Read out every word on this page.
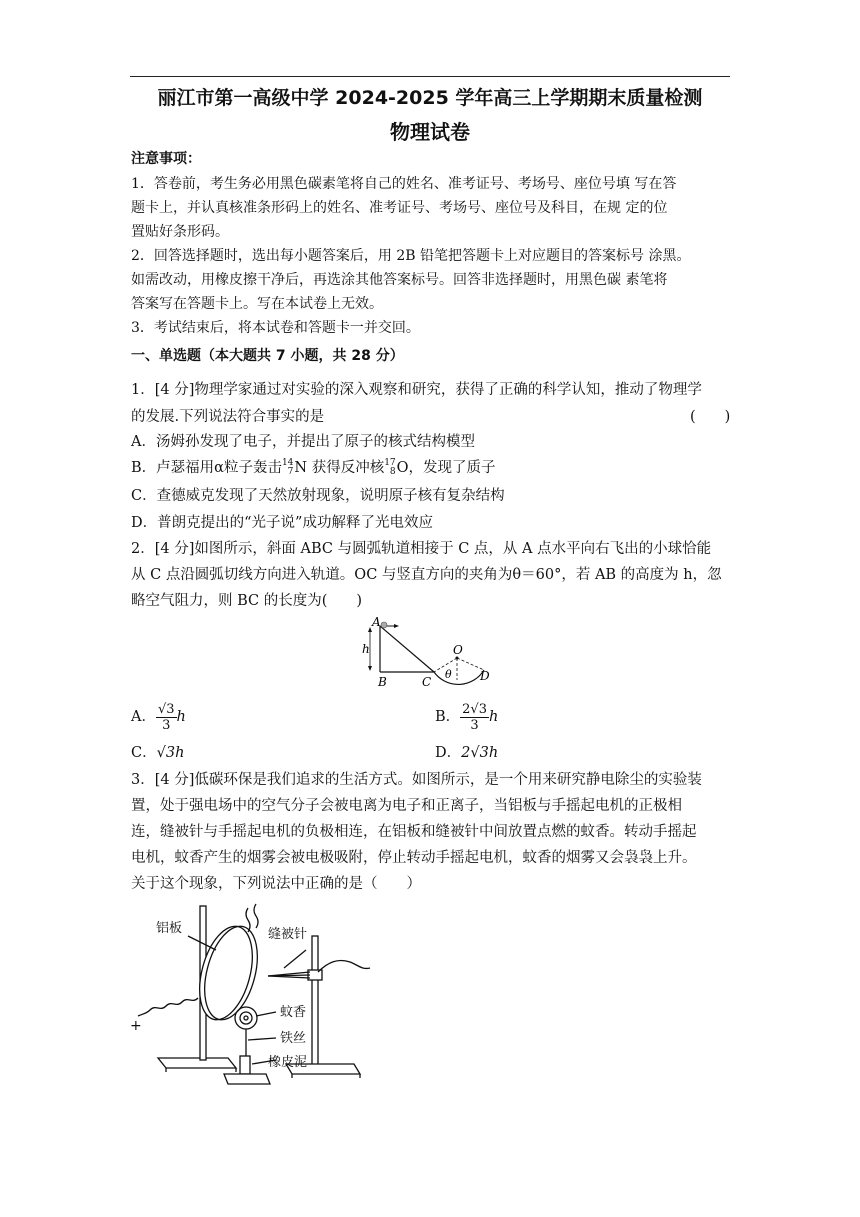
丽江市第一高级中学 2024-2025 学年高三上学期期末质量检测
物理试卷
注意事项：
1．答卷前，考生务必用黑色碳素笔将自己的姓名、准考证号、考场号、座位号填 写在答
题卡上，并认真核准条形码上的姓名、准考证号、考场号、座位号及科目，在规 定的位
置贴好条形码。
2．回答选择题时，选出每小题答案后，用 2B 铅笔把答题卡上对应题目的答案标号 涂黑。
如需改动，用橡皮擦干净后，再选涂其他答案标号。回答非选择题时，用黑色碳 素笔将
答案写在答题卡上。写在本试卷上无效。
3．考试结束后，将本试卷和答题卡一并交回。
一、单选题（本大题共 7 小题，共 28 分）
1．[4 分]物理学家通过对实验的深入观察和研究，获得了正确的科学认知，推动了物理学
的发展.下列说法符合事实的是	(　　)
A．汤姆孙发现了电子，并提出了原子的核式结构模型
B．卢瑟福用α粒子轰击 14
7 N 获得反冲核 17
8 O，发现了质子
C．查德威克发现了天然放射现象，说明原子核有复杂结构
D．普朗克提出的“光子说”成功解释了光电效应
2．[4 分]如图所示，斜面 ABC 与圆弧轨道相接于 C 点，从 A 点水平向右飞出的小球恰能
从 C 点沿圆弧切线方向进入轨道。OC 与竖直方向的夹角为θ＝60°，若 AB 的高度为 h，忽
略空气阻力，则 BC 的长度为(　　)
A
h
B	C
O
D
θ
A． $\frac{√3}{3}$ h	B． $\frac{2√3}{3}$ h
C．√3h	D．2√3h
3．[4 分]低碳环保是我们追求的生活方式。如图所示，是一个用来研究静电除尘的实验装
置，处于强电场中的空气分子会被电离为电子和正离子，当铝板与手摇起电机的正极相
连，缝被针与手摇起电机的负极相连，在铝板和缝被针中间放置点燃的蚊香。转动手摇起
电机，蚊香产生的烟雾会被电极吸附，停止转动手摇起电机，蚊香的烟雾又会袅袅上升。
关于这个现象，下列说法中正确的是（　　）
铝板	缝被针
蚊香
铁丝
橡皮泥
+
